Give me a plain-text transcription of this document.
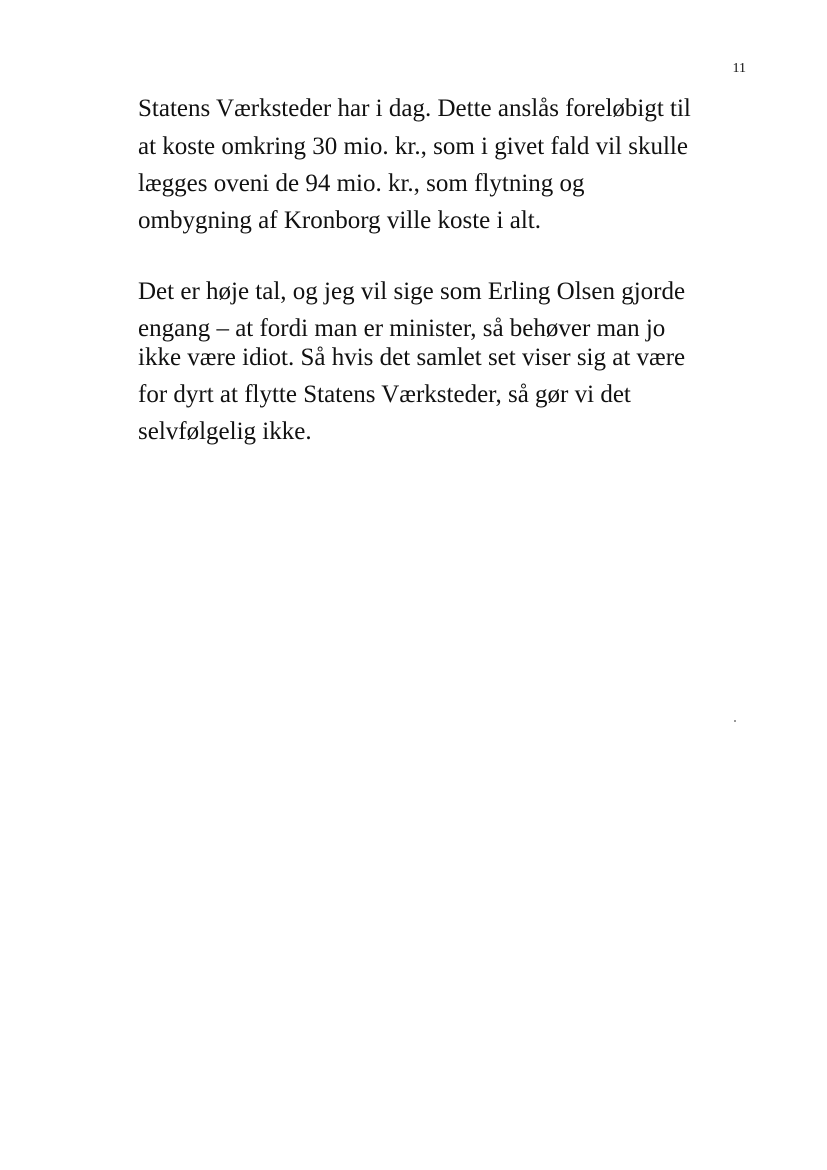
11
Statens Værksteder har i dag. Dette anslås foreløbigt til
at koste omkring 30 mio. kr., som i givet fald vil skulle
lægges oveni de 94 mio. kr., som flytning og
ombygning af Kronborg ville koste i alt.
Det er høje tal, og jeg vil sige som Erling Olsen gjorde
engang – at fordi man er minister, så behøver man jo
ikke være idiot. Så hvis det samlet set viser sig at være
for dyrt at flytte Statens Værksteder, så gør vi det
selvfølgelig ikke.
